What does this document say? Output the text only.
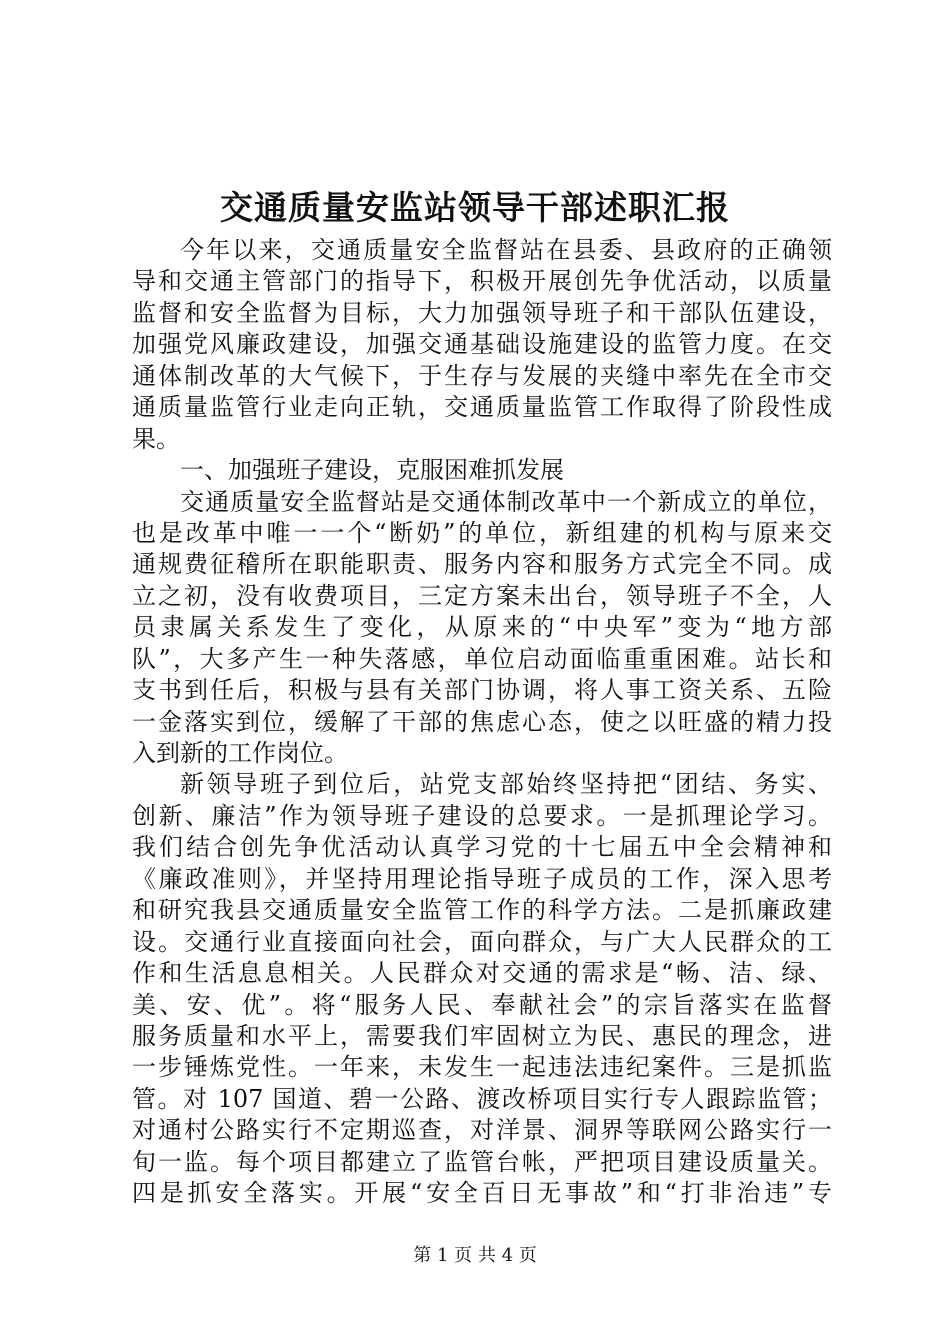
交通质量安监站领导干部述职汇报
今年以来，交通质量安全监督站在县委、县政府的正确领
导和交通主管部门的指导下，积极开展创先争优活动，以质量
监督和安全监督为目标，大力加强领导班子和干部队伍建设，
加强党风廉政建设，加强交通基础设施建设的监管力度。在交
通体制改革的大气候下，于生存与发展的夹缝中率先在全市交
通质量监管行业走向正轨，交通质量监管工作取得了阶段性成
果。
一、加强班子建设，克服困难抓发展
交通质量安全监督站是交通体制改革中一个新成立的单位，
也是改革中唯一一个“断奶”的单位，新组建的机构与原来交
通规费征稽所在职能职责、服务内容和服务方式完全不同。成
立之初，没有收费项目，三定方案未出台，领导班子不全，人
员隶属关系发生了变化，从原来的“中央军”变为“地方部
队”，大多产生一种失落感，单位启动面临重重困难。站长和
支书到任后，积极与县有关部门协调，将人事工资关系、五险
一金落实到位，缓解了干部的焦虑心态，使之以旺盛的精力投
入到新的工作岗位。
新领导班子到位后，站党支部始终坚持把“团结、务实、
创新、廉洁”作为领导班子建设的总要求。一是抓理论学习。
我们结合创先争优活动认真学习党的十七届五中全会精神和
《廉政准则》，并坚持用理论指导班子成员的工作，深入思考
和研究我县交通质量安全监管工作的科学方法。二是抓廉政建
设。交通行业直接面向社会，面向群众，与广大人民群众的工
作和生活息息相关。人民群众对交通的需求是“畅、洁、绿、
美、安、优”。将“服务人民、奉献社会”的宗旨落实在监督
服务质量和水平上，需要我们牢固树立为民、惠民的理念，进
一步锤炼党性。一年来，未发生一起违法违纪案件。三是抓监
管。对 107 国道、碧一公路、渡改桥项目实行专人跟踪监管；
对通村公路实行不定期巡查，对洋景、洞界等联网公路实行一
旬一监。每个项目都建立了监管台帐，严把项目建设质量关。
四是抓安全落实。开展“安全百日无事故”和“打非治违”专
第 1 页 共 4 页
